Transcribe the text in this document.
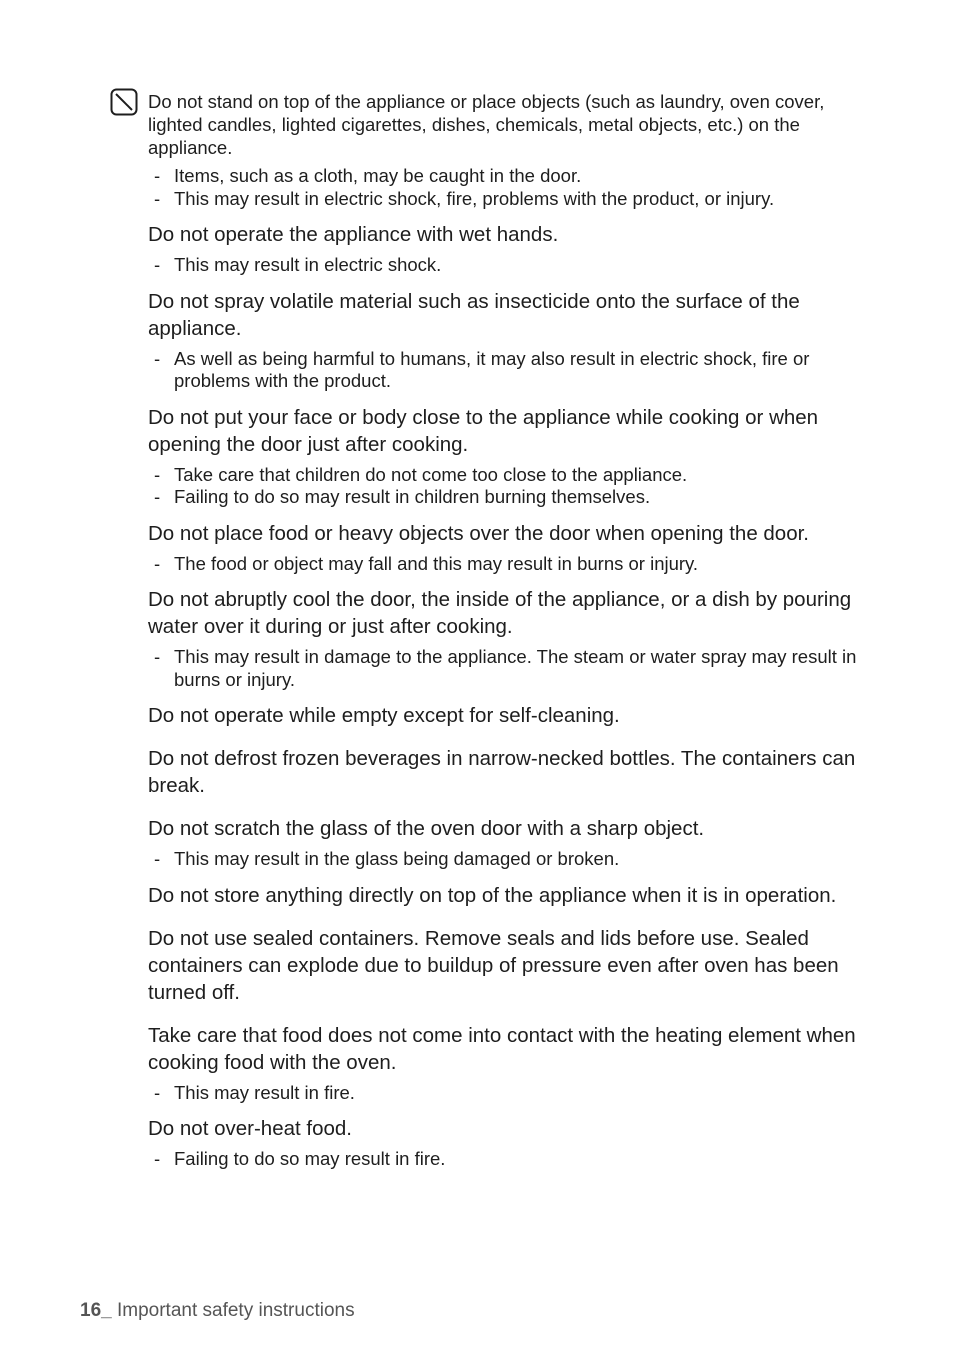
Do not stand on top of the appliance or place objects (such as laundry, oven cover, lighted candles, lighted cigarettes, dishes, chemicals, metal objects, etc.) on the appliance.

- Items, such as a cloth, may be caught in the door.
- This may result in electric shock, fire, problems with the product, or injury.

Do not operate the appliance with wet hands.

- This may result in electric shock.

Do not spray volatile material such as insecticide onto the surface of the appliance.

- As well as being harmful to humans, it may also result in electric shock, fire or problems with the product.

Do not put your face or body close to the appliance while cooking or when opening the door just after cooking.

- Take care that children do not come too close to the appliance.
- Failing to do so may result in children burning themselves.

Do not place food or heavy objects over the door when opening the door.

- The food or object may fall and this may result in burns or injury.

Do not abruptly cool the door, the inside of the appliance, or a dish by pouring water over it during or just after cooking.

- This may result in damage to the appliance. The steam or water spray may result in burns or injury.

Do not operate while empty except for self-cleaning.

Do not defrost frozen beverages in narrow-necked bottles. The containers can break.

Do not scratch the glass of the oven door with a sharp object.

- This may result in the glass being damaged or broken.

Do not store anything directly on top of the appliance when it is in operation.

Do not use sealed containers. Remove seals and lids before use. Sealed containers can explode due to buildup of pressure even after oven has been turned off.

Take care that food does not come into contact with the heating element when cooking food with the oven.

- This may result in fire.

Do not over-heat food.

- Failing to do so may result in fire.
16_ Important safety instructions
